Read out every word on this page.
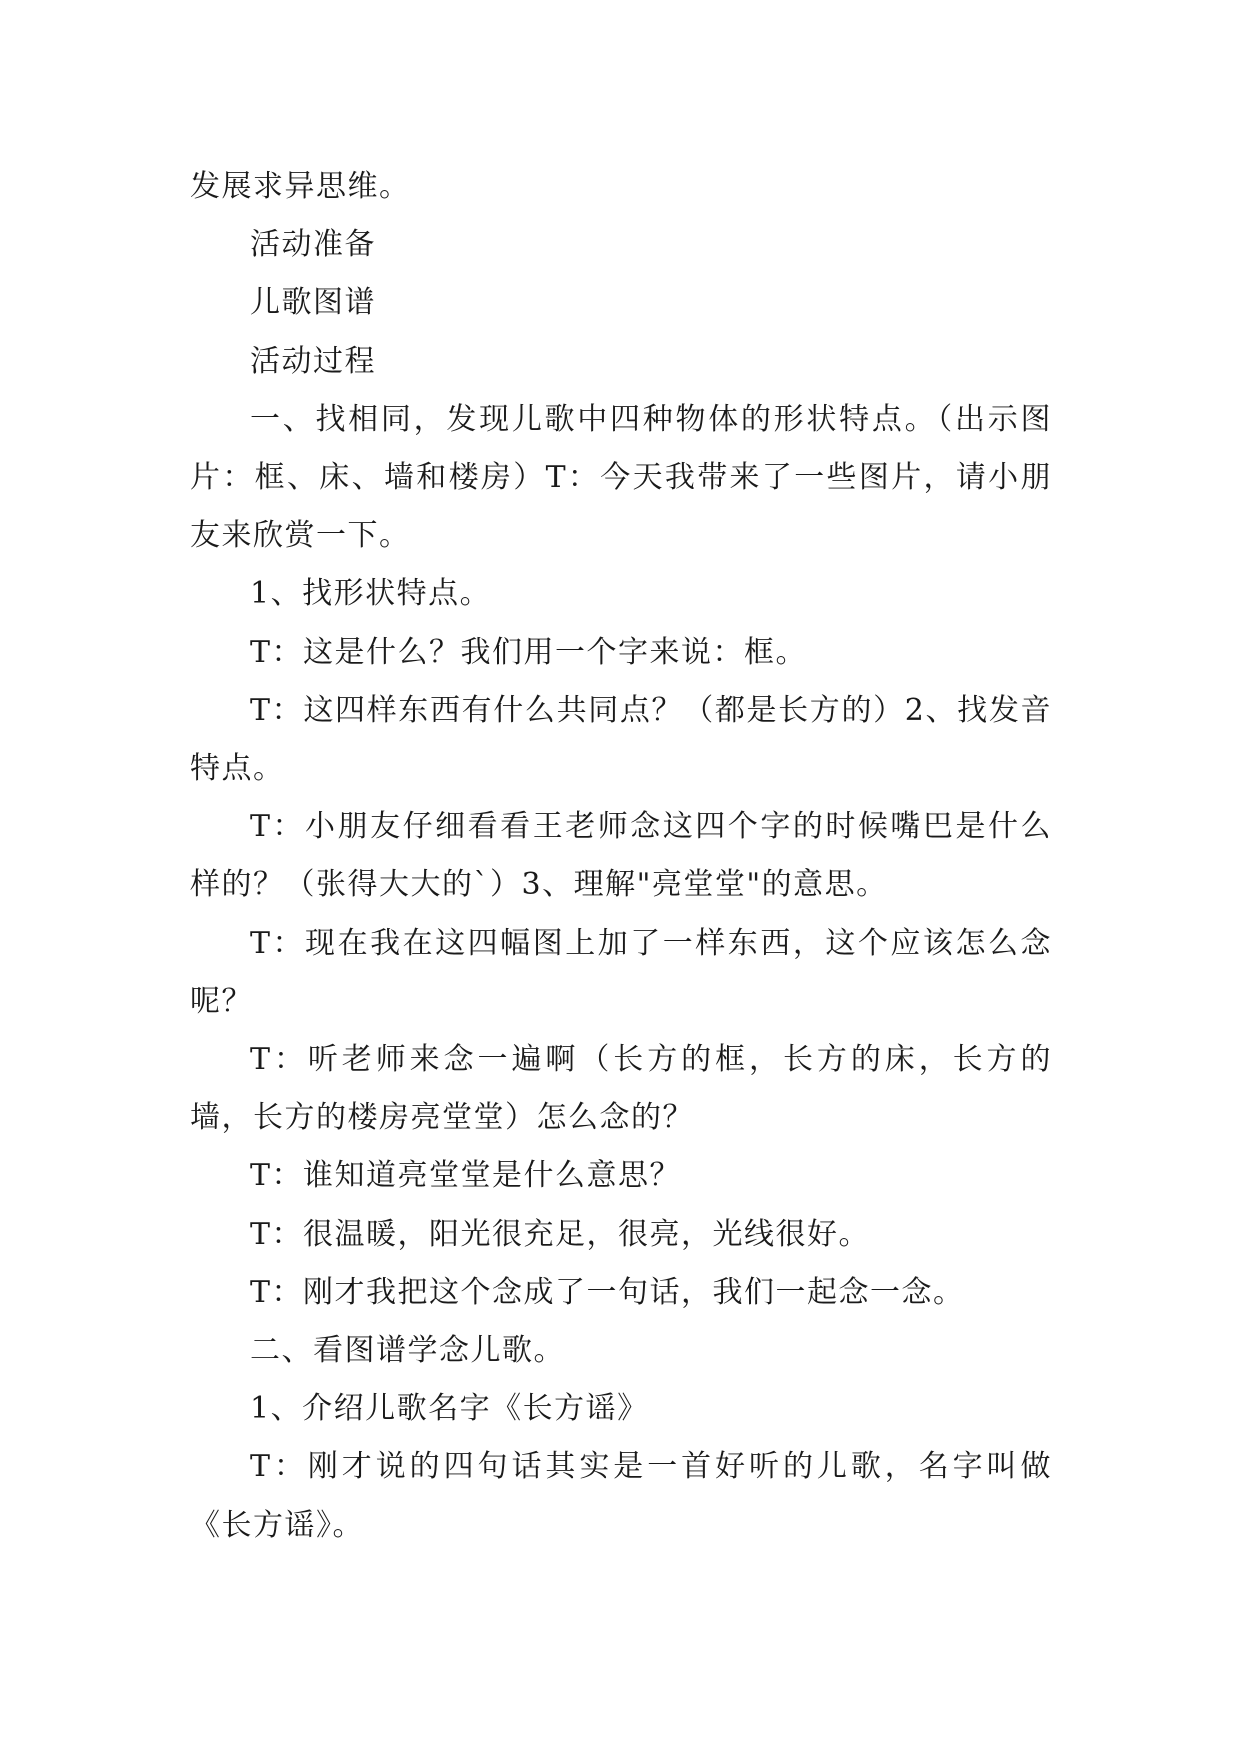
发展求异思维。

活动准备

儿歌图谱

活动过程

一、找相同，发现儿歌中四种物体的形状特点。（出示图片：框、床、墙和楼房）T：今天我带来了一些图片，请小朋友来欣赏一下。

1、找形状特点。

T：这是什么？我们用一个字来说：框。

T：这四样东西有什么共同点？（都是长方的）2、找发音特点。

T：小朋友仔细看看王老师念这四个字的时候嘴巴是什么样的？（张得大大的`）3、理解"亮堂堂"的意思。

T：现在我在这四幅图上加了一样东西，这个应该怎么念呢？

T：听老师来念一遍啊（长方的框，长方的床，长方的墙，长方的楼房亮堂堂）怎么念的？

T：谁知道亮堂堂是什么意思？

T：很温暖，阳光很充足，很亮，光线很好。

T：刚才我把这个念成了一句话，我们一起念一念。

二、看图谱学念儿歌。

1、介绍儿歌名字《长方谣》

T：刚才说的四句话其实是一首好听的儿歌，名字叫做《长方谣》。
